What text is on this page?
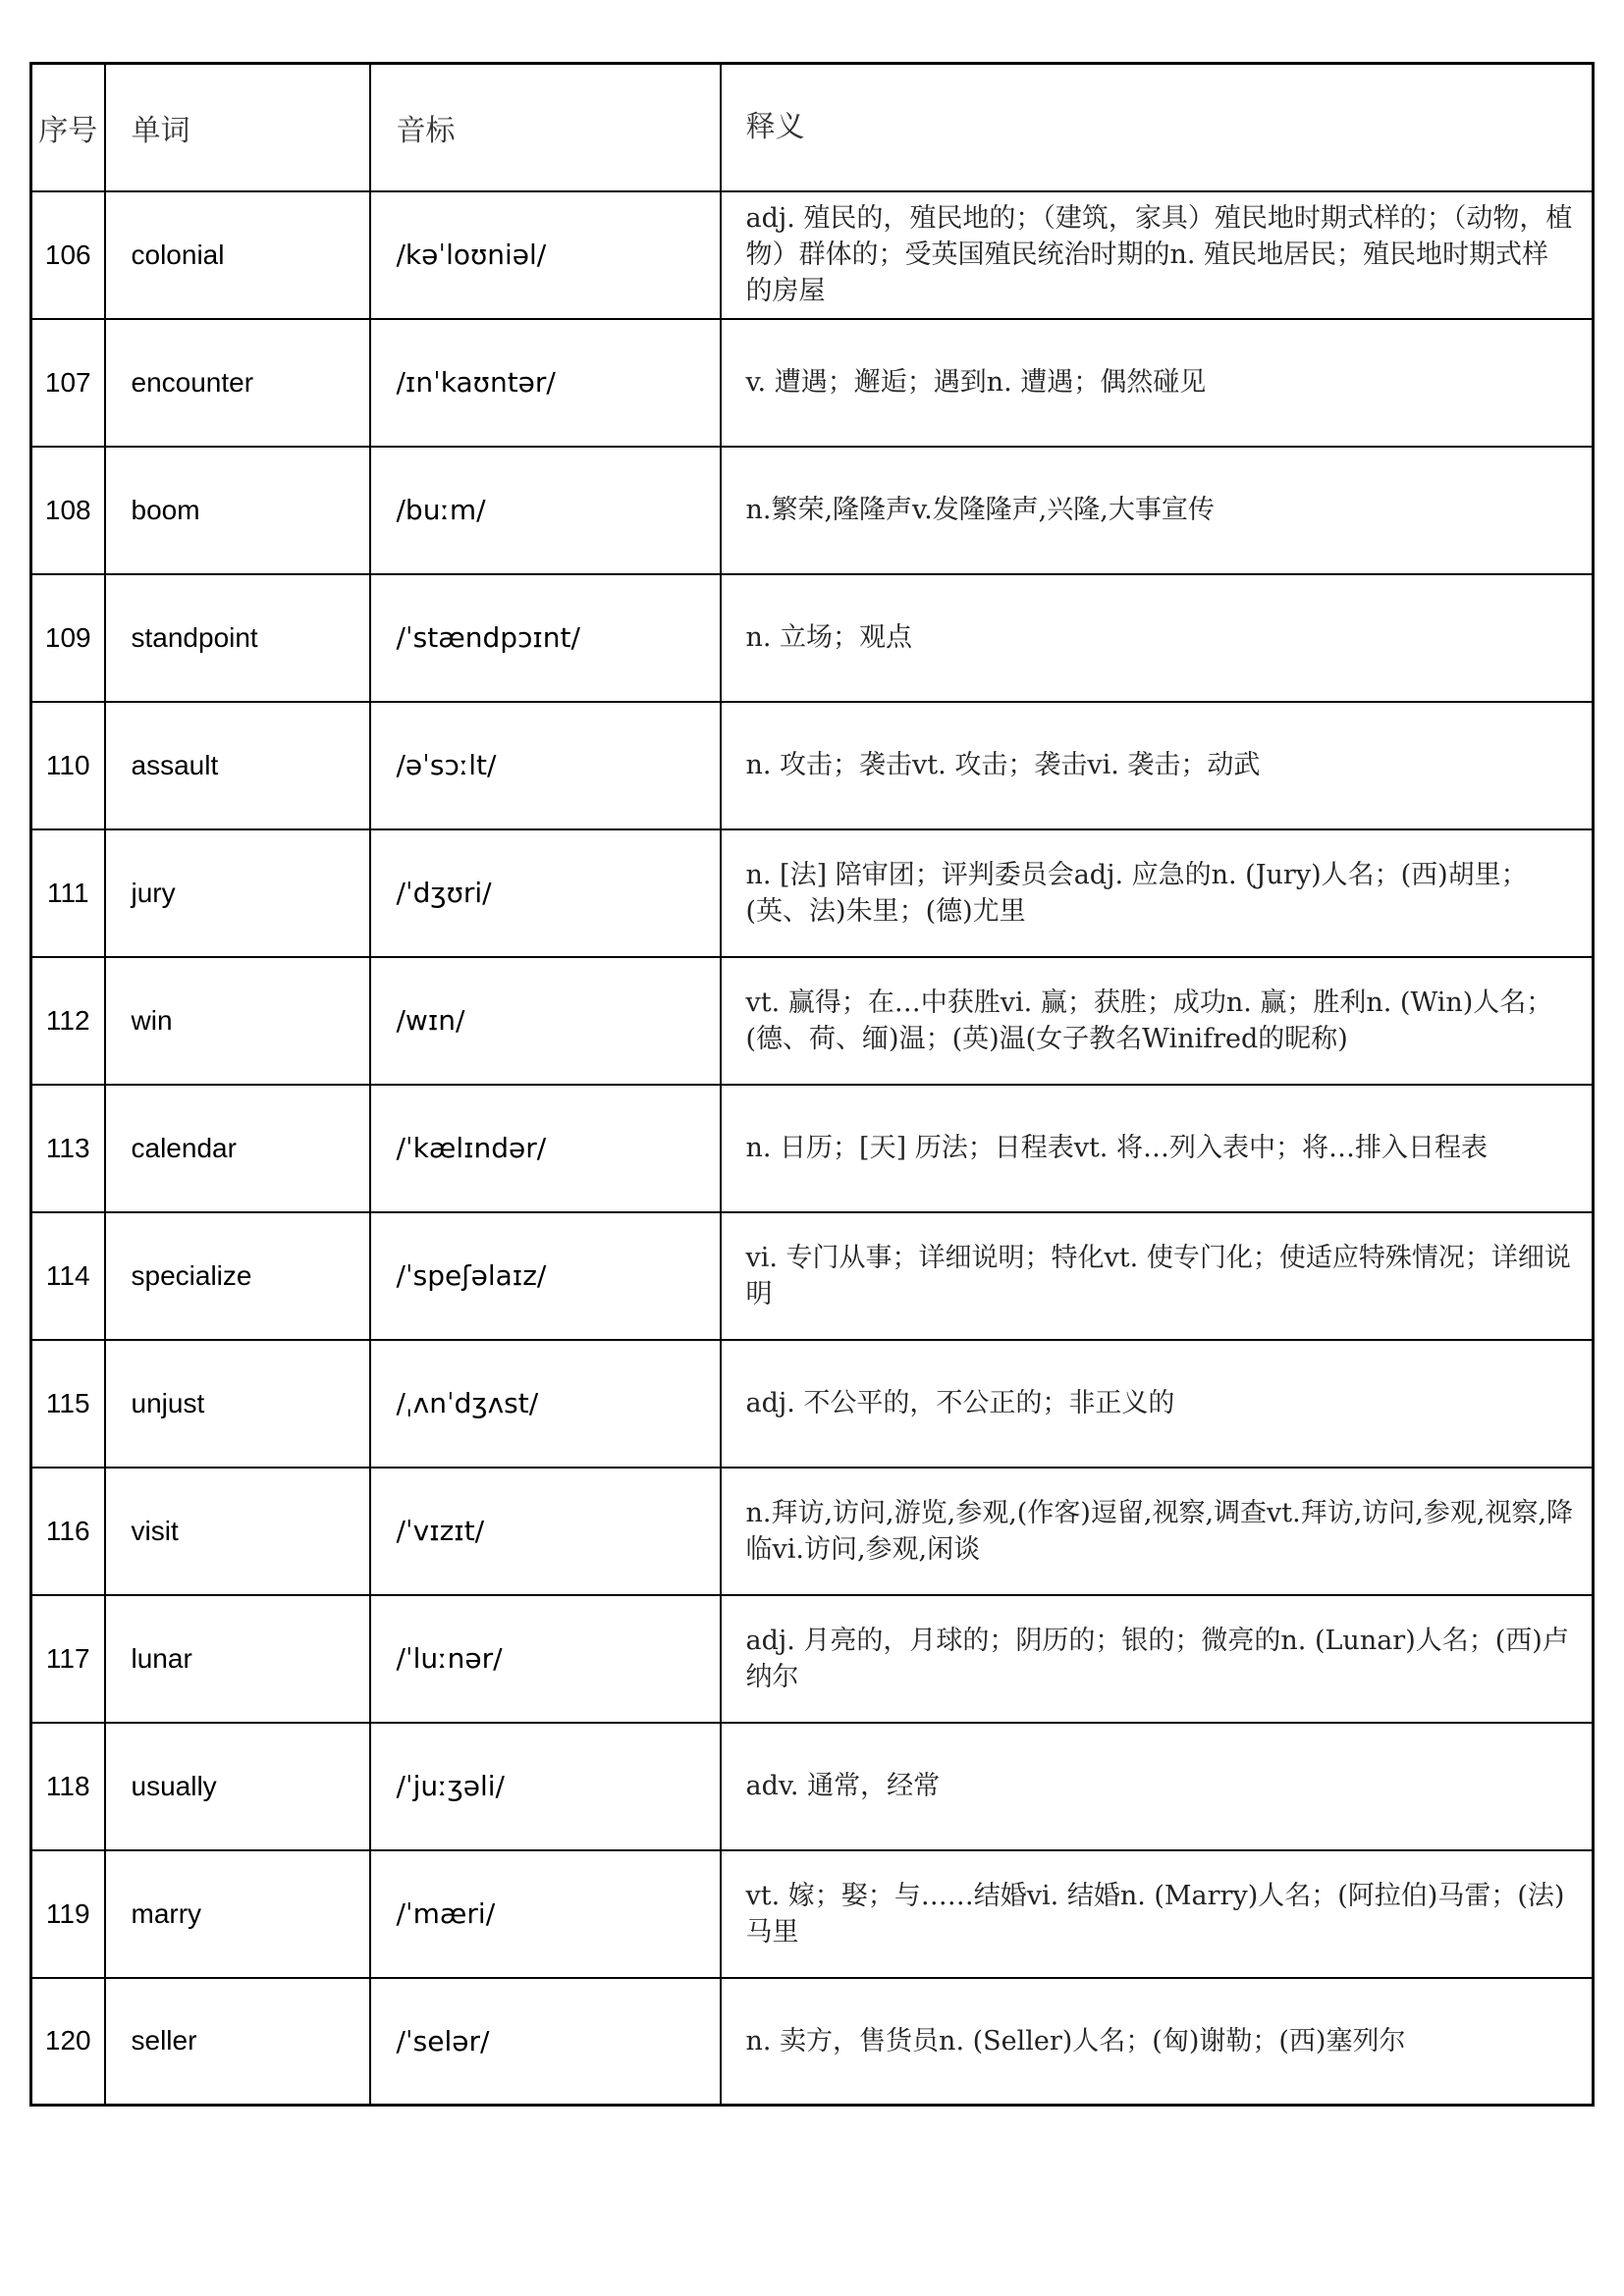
序号	单词	音标	释义
106	colonial	/kəˈloʊniəl/	adj. 殖民的，殖民地的；（建筑，家具）殖民地时期式样的；（动物，植物）群体的；受英国殖民统治时期的n. 殖民地居民；殖民地时期式样的房屋
107	encounter	/ɪnˈkaʊntər/	v. 遭遇；邂逅；遇到n. 遭遇；偶然碰见
108	boom	/buːm/	n.繁荣,隆隆声v.发隆隆声,兴隆,大事宣传
109	standpoint	/ˈstændpɔɪnt/	n. 立场；观点
110	assault	/əˈsɔːlt/	n. 攻击；袭击vt. 攻击；袭击vi. 袭击；动武
111	jury	/ˈdʒʊri/	n. [法] 陪审团；评判委员会adj. 应急的n. (Jury)人名；(西)胡里；(英、法)朱里；(德)尤里
112	win	/wɪn/	vt. 赢得；在…中获胜vi. 赢；获胜；成功n. 赢；胜利n. (Win)人名；(德、荷、缅)温；(英)温(女子教名Winifred的昵称)
113	calendar	/ˈkælɪndər/	n. 日历；[天] 历法；日程表vt. 将…列入表中；将…排入日程表
114	specialize	/ˈspeʃəlaɪz/	vi. 专门从事；详细说明；特化vt. 使专门化；使适应特殊情况；详细说明
115	unjust	/ˌʌnˈdʒʌst/	adj. 不公平的，不公正的；非正义的
116	visit	/ˈvɪzɪt/	n.拜访,访问,游览,参观,(作客)逗留,视察,调查vt.拜访,访问,参观,视察,降临vi.访问,参观,闲谈
117	lunar	/ˈluːnər/	adj. 月亮的，月球的；阴历的；银的；微亮的n. (Lunar)人名；(西)卢纳尔
118	usually	/ˈjuːʒəli/	adv. 通常，经常
119	marry	/ˈmæri/	vt. 嫁；娶；与……结婚vi. 结婚n. (Marry)人名；(阿拉伯)马雷；(法)马里
120	seller	/ˈselər/	n. 卖方，售货员n. (Seller)人名；(匈)谢勒；(西)塞列尔
